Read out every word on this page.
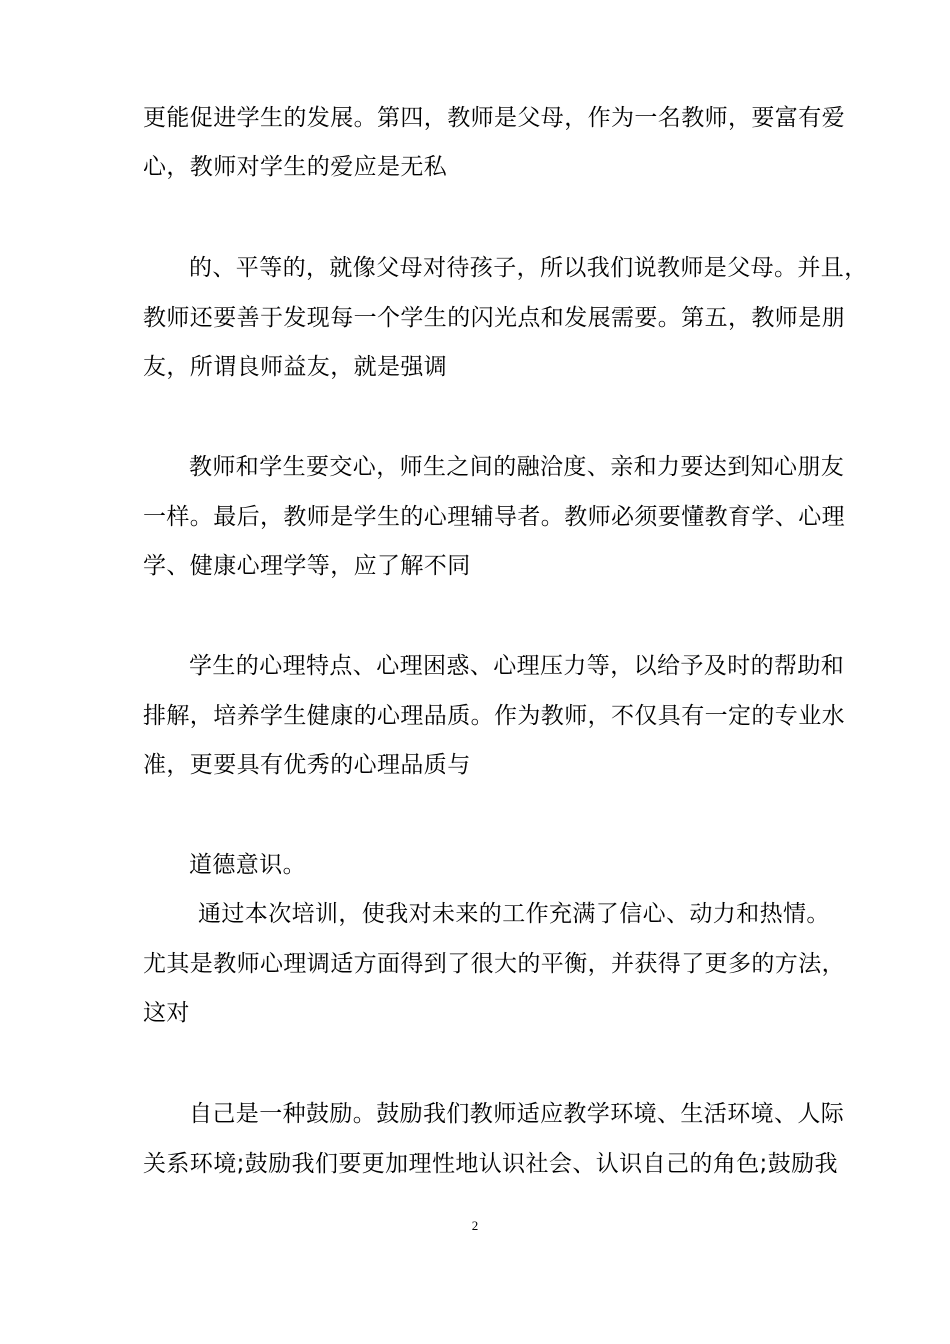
更能促进学生的发展。第四，教师是父母，作为一名教师，要富有爱
心，教师对学生的爱应是无私
的、平等的，就像父母对待孩子，所以我们说教师是父母。并且，
教师还要善于发现每一个学生的闪光点和发展需要。第五，教师是朋
友，所谓良师益友，就是强调
教师和学生要交心，师生之间的融洽度、亲和力要达到知心朋友
一样。最后，教师是学生的心理辅导者。教师必须要懂教育学、心理
学、健康心理学等，应了解不同
学生的心理特点、心理困惑、心理压力等，以给予及时的帮助和
排解，培养学生健康的心理品质。作为教师，不仅具有一定的专业水
准，更要具有优秀的心理品质与
道德意识。
通过本次培训，使我对未来的工作充满了信心、动力和热情。
尤其是教师心理调适方面得到了很大的平衡，并获得了更多的方法，
这对
自己是一种鼓励。鼓励我们教师适应教学环境、生活环境、人际
关系环境;鼓励我们要更加理性地认识社会、认识自己的角色;鼓励我
2
